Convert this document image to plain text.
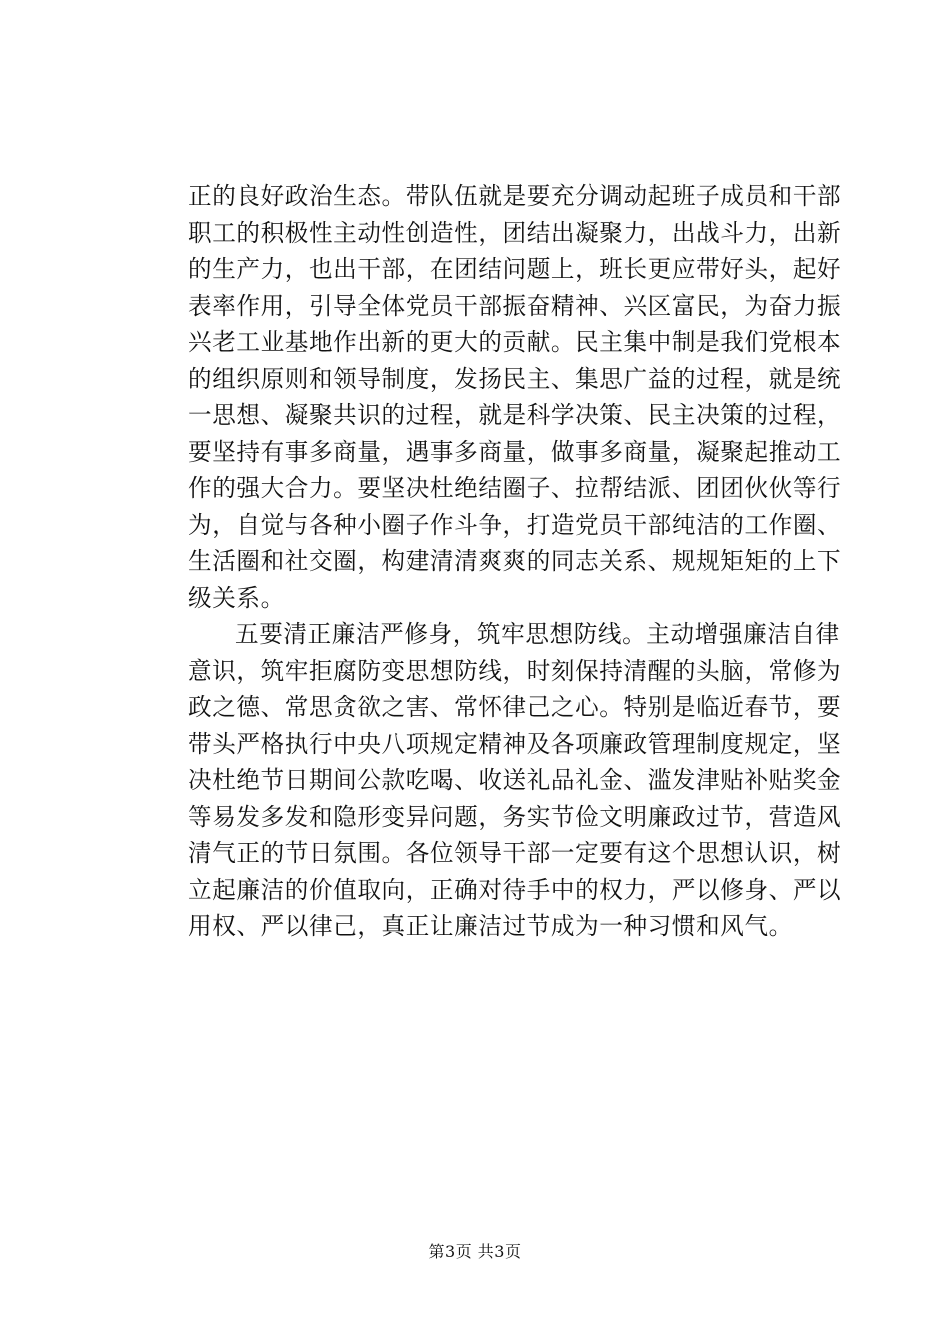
正的良好政治生态。带队伍就是要充分调动起班子成员和干部
职工的积极性主动性创造性，团结出凝聚力，出战斗力，出新
的生产力，也出干部，在团结问题上，班长更应带好头，起好
表率作用，引导全体党员干部振奋精神、兴区富民，为奋力振
兴老工业基地作出新的更大的贡献。民主集中制是我们党根本
的组织原则和领导制度，发扬民主、集思广益的过程，就是统
一思想、凝聚共识的过程，就是科学决策、民主决策的过程，
要坚持有事多商量，遇事多商量，做事多商量，凝聚起推动工
作的强大合力。要坚决杜绝结圈子、拉帮结派、团团伙伙等行
为，自觉与各种小圈子作斗争，打造党员干部纯洁的工作圈、
生活圈和社交圈，构建清清爽爽的同志关系、规规矩矩的上下
级关系。
五要清正廉洁严修身，筑牢思想防线。主动增强廉洁自律
意识，筑牢拒腐防变思想防线，时刻保持清醒的头脑，常修为
政之德、常思贪欲之害、常怀律己之心。特别是临近春节，要
带头严格执行中央八项规定精神及各项廉政管理制度规定，坚
决杜绝节日期间公款吃喝、收送礼品礼金、滥发津贴补贴奖金
等易发多发和隐形变异问题，务实节俭文明廉政过节，营造风
清气正的节日氛围。各位领导干部一定要有这个思想认识，树
立起廉洁的价值取向，正确对待手中的权力，严以修身、严以
用权、严以律己，真正让廉洁过节成为一种习惯和风气。
第3页 共3页
